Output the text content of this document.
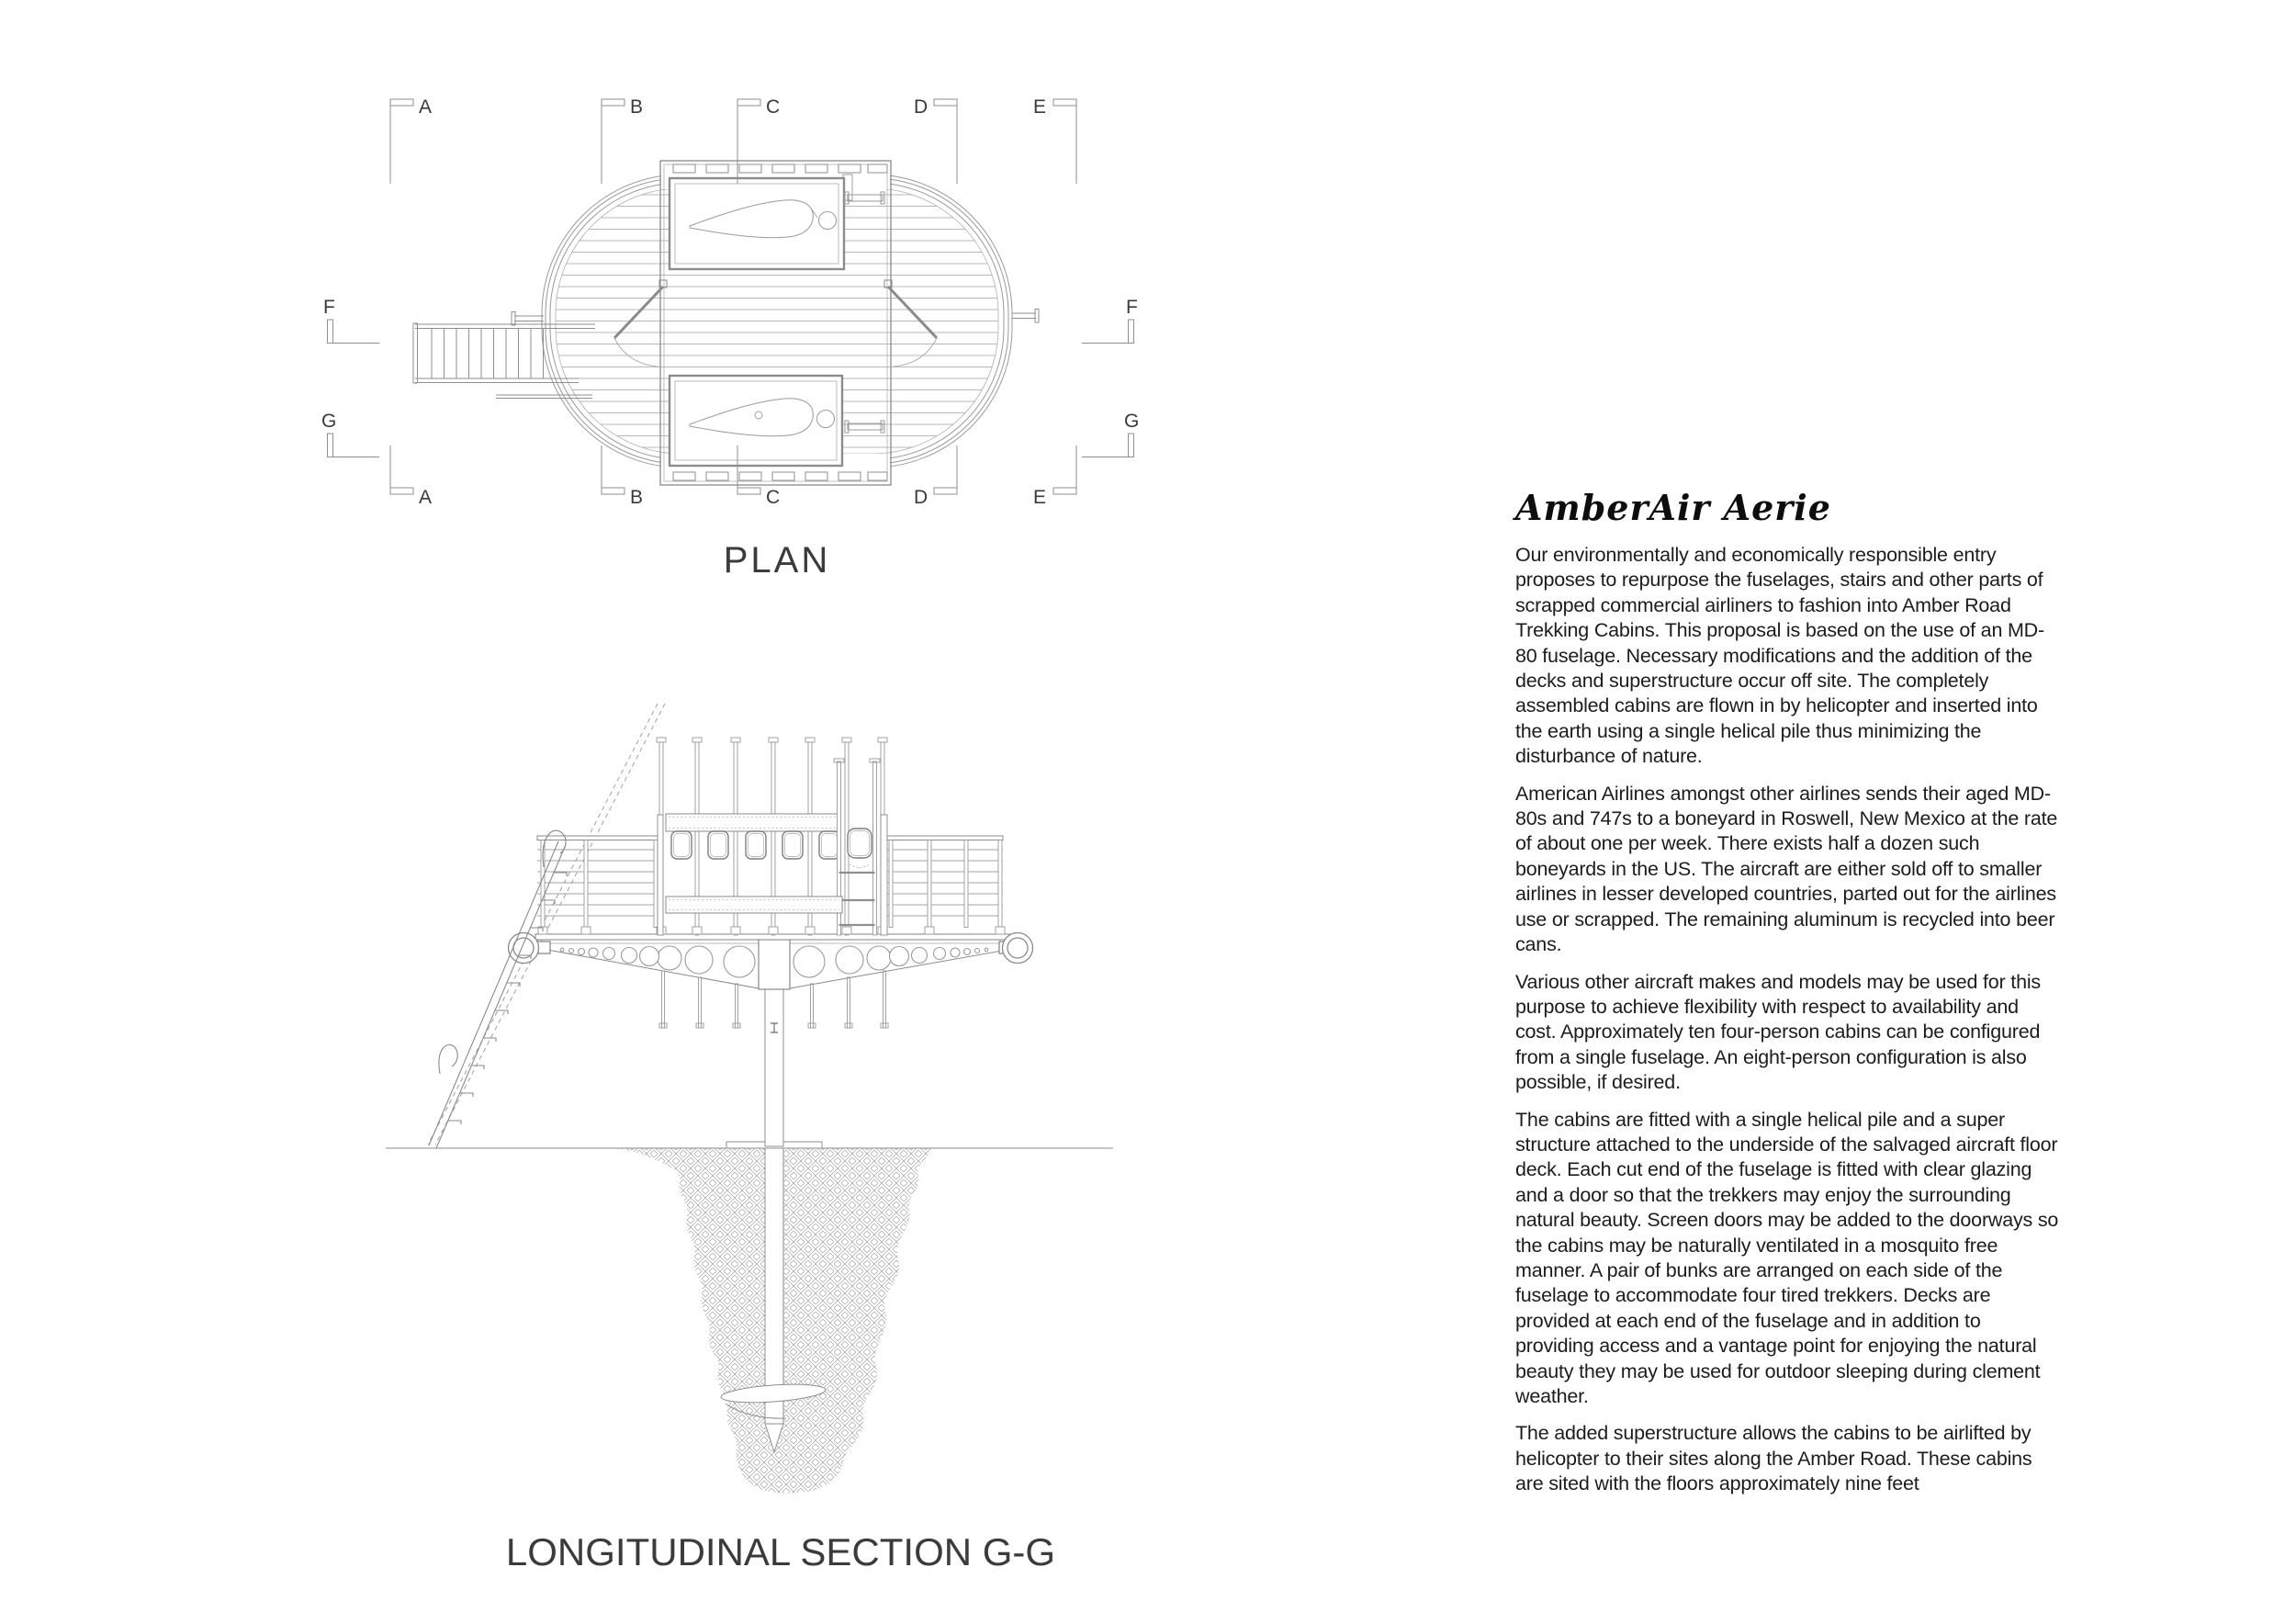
A	B	C	D	E
A	B	C	D	E
F
G
F
G
PLAN
LONGITUDINAL SECTION G-G
AmberAir Aerie

Our environmentally and economically responsible entry proposes to repurpose the fuselages, stairs and other parts of scrapped commercial airliners to fashion into Amber Road Trekking Cabins. This proposal is based on the use of an MD-80 fuselage. Necessary modifications and the addition of the decks and superstructure occur off site. The completely assembled cabins are flown in by helicopter and inserted into the earth using a single helical pile thus minimizing the disturbance of nature.

American Airlines amongst other airlines sends their aged MD-80s and 747s to a boneyard in Roswell, New Mexico at the rate of about one per week. There exists half a dozen such boneyards in the US. The aircraft are either sold off to smaller airlines in lesser developed countries, parted out for the airlines use or scrapped. The remaining aluminum is recycled into beer cans.

Various other aircraft makes and models may be used for this purpose to achieve flexibility with respect to availability and cost. Approximately ten four-person cabins can be configured from a single fuselage. An eight-person configuration is also possible, if desired.

The cabins are fitted with a single helical pile and a super structure attached to the underside of the salvaged aircraft floor deck. Each cut end of the fuselage is fitted with clear glazing and a door so that the trekkers may enjoy the surrounding natural beauty. Screen doors may be added to the doorways so the cabins may be naturally ventilated in a mosquito free manner. A pair of bunks are arranged on each side of the fuselage to accommodate four tired trekkers. Decks are provided at each end of the fuselage and in addition to providing access and a vantage point for enjoying the natural beauty they may be used for outdoor sleeping during clement weather.

The added superstructure allows the cabins to be airlifted by helicopter to their sites along the Amber Road. These cabins are sited with the floors approximately nine feet
